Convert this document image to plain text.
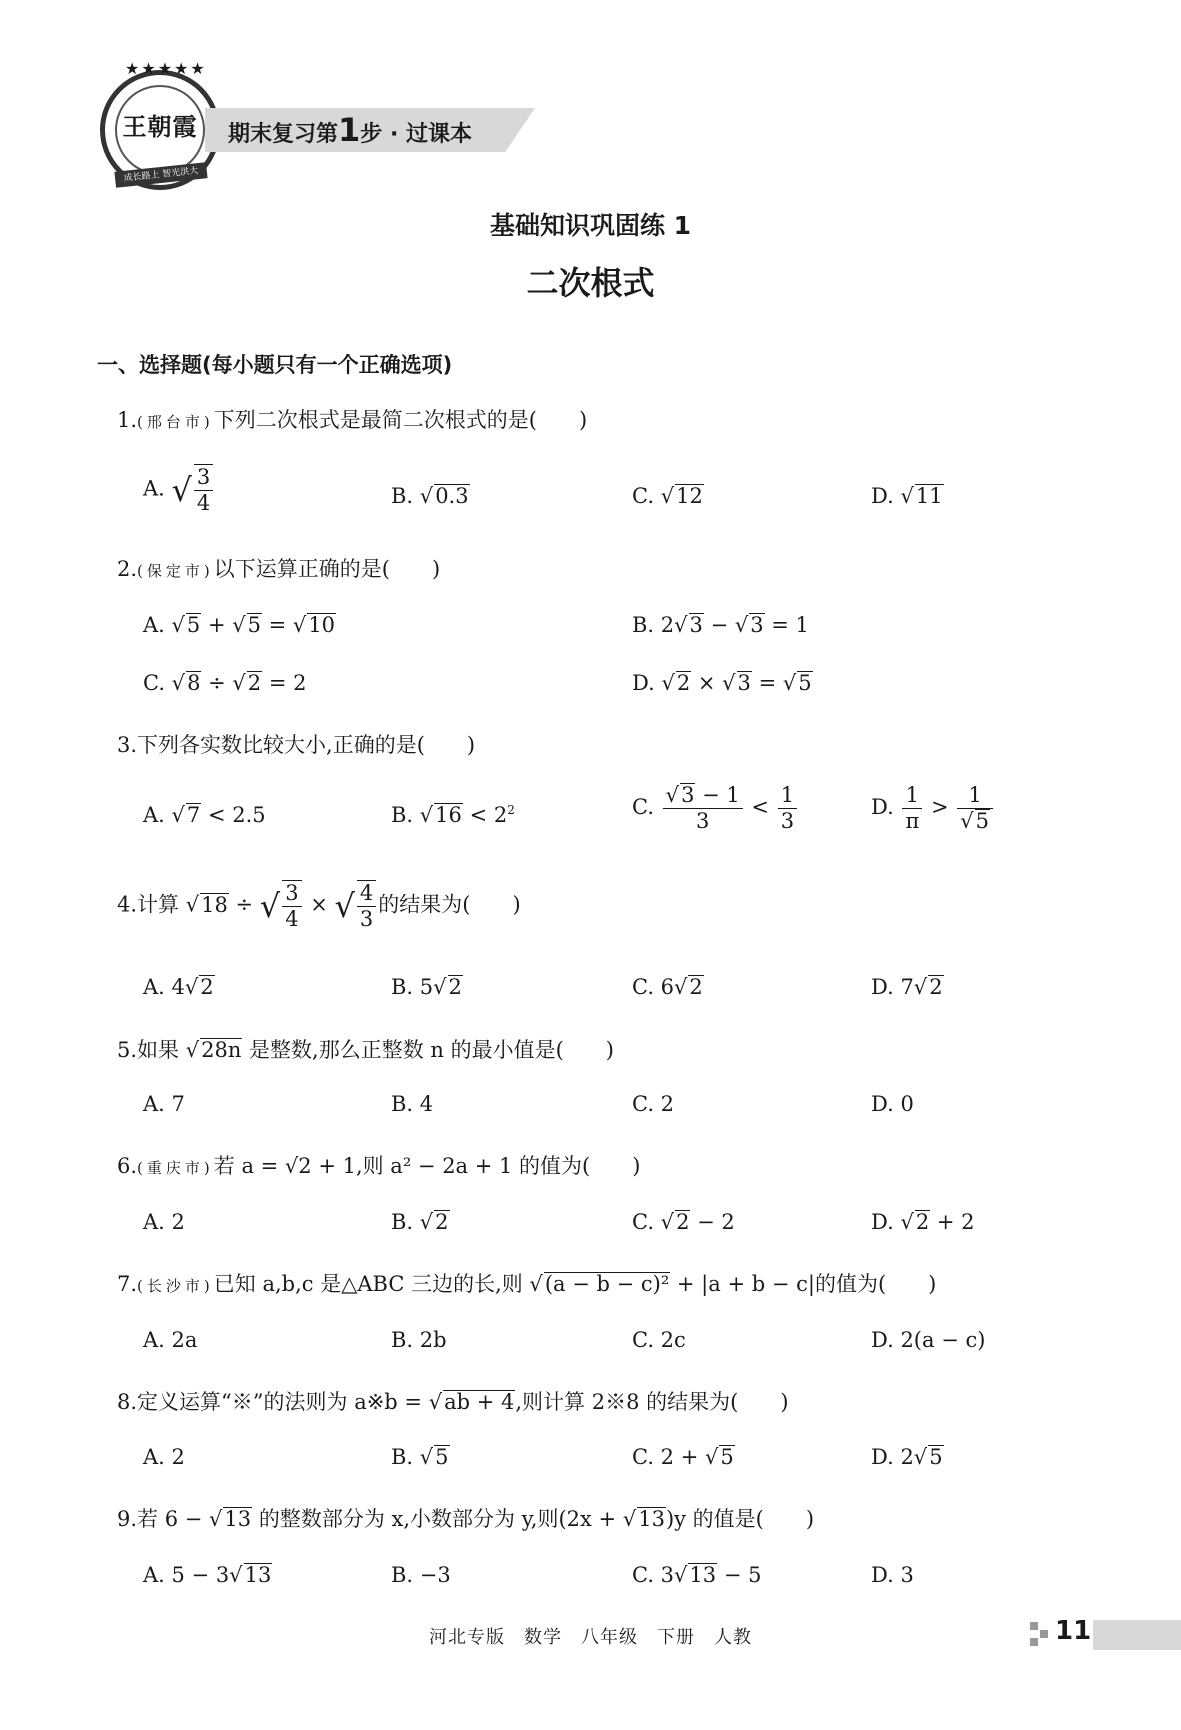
★★★★★
王朝霞
成长路上 智光洪大
期末复习第1步 · 过课本
基础知识巩固练 1
二次根式
一、选择题(每小题只有一个正确选项)
1.(邢台市)下列二次根式是最简二次根式的是(　　)
A. √ $\frac{3}{4}$	B. √ 0.3	C. √ 12	D. √ 11
2.(保定市)以下运算正确的是(　　)
A. √5 + √5 = √10	B. 2√3 − √3 = 1
C. √8 ÷ √2 = 2	D. √2 × √3 = √5
3.下列各实数比较大小,正确的是(　　)
A. √7 < 2.5	B. $√16 < 2^2$	C. $\frac{√3 - 1}{3} < \frac{1}{3}$	D. $\frac{1}{\pi} > \frac{1}{√5}$
4.计算 √18 ÷ √ $\frac{3}{4}$ × √ $\frac{4}{3}$ 的结果为(　　)
A. 4√2	B. 5√2	C. 6√2	D. 7√2
5.如果 √28n 是整数,那么正整数 n 的最小值是(　　)
A. 7	B. 4	C. 2	D. 0
6.(重庆市)若 a = √2 + 1,则 a² − 2a + 1 的值为(　　)
A. 2	B. √2	C. √2 − 2	D. √2 + 2
7.(长沙市)已知 a,b,c 是△ABC 三边的长,则 √(a − b − c)² + |a + b − c|的值为(　　)
A. 2a	B. 2b	C. 2c	D. 2(a − c)
8.定义运算“※”的法则为 a※b = √ab + 4,则计算 2※8 的结果为(　　)
A. 2	B. √5	C. 2 + √5	D. 2√5
9.若 6 − √13 的整数部分为 x,小数部分为 y,则(2x + √13)y 的值是(　　)
A. 5 − 3√13	B. −3	C. 3√13 − 5	D. 3
河北专版　数学　八年级　下册　人教	11
